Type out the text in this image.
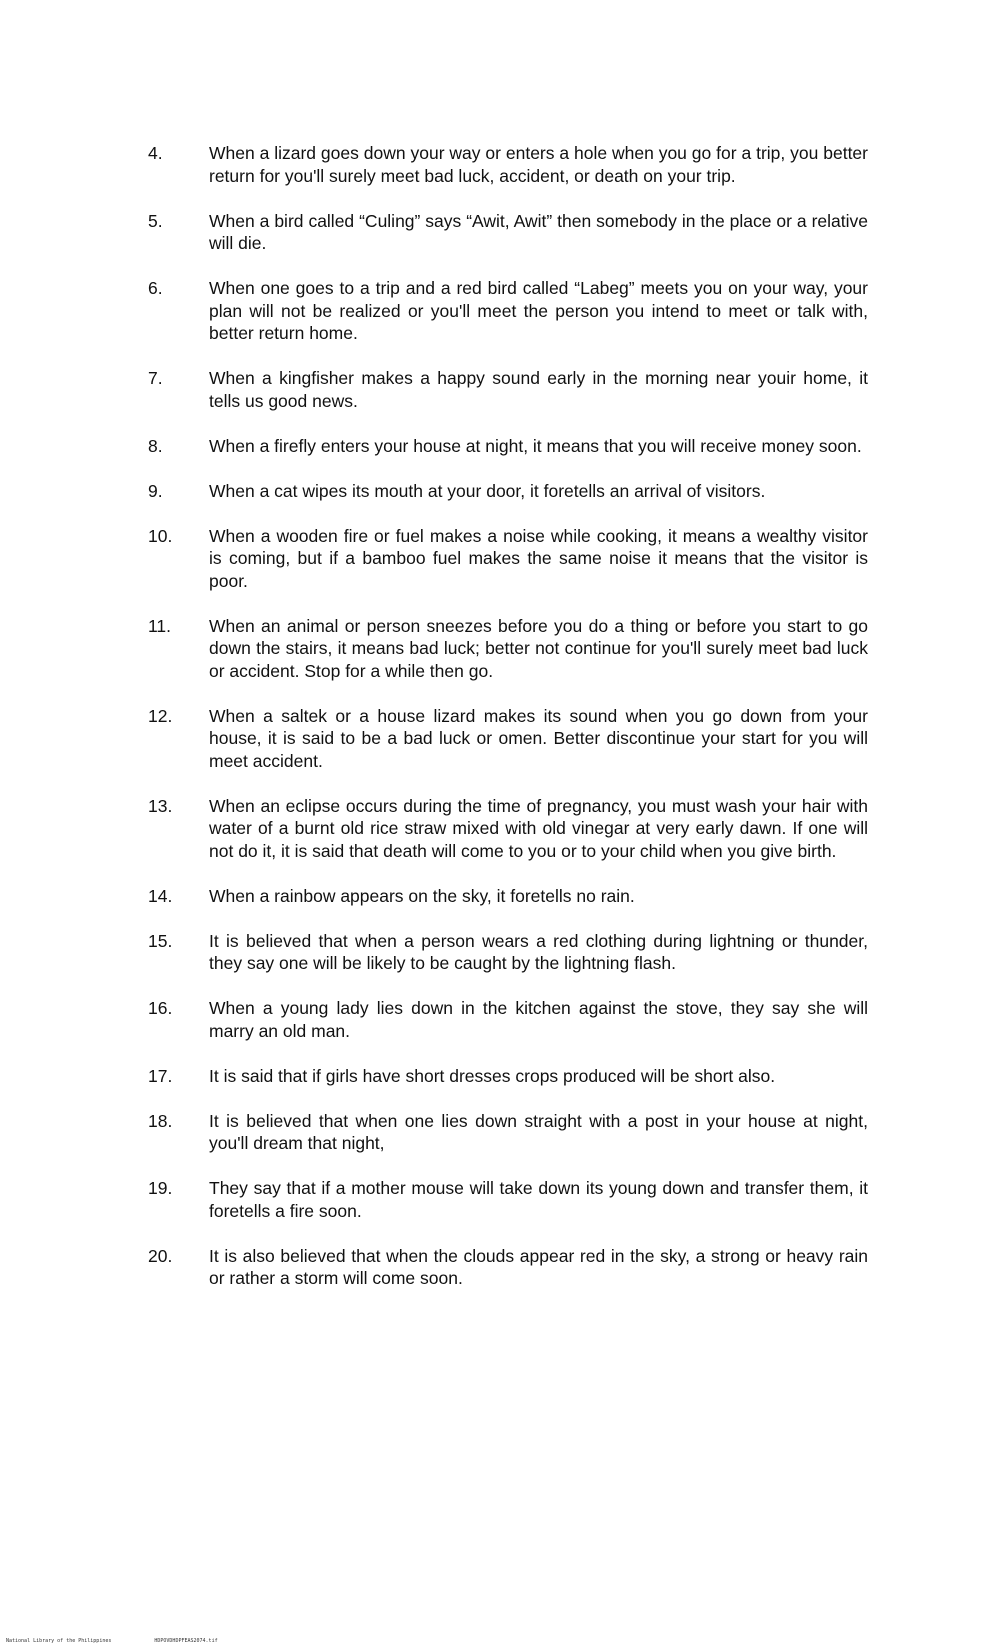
4.	When a lizard goes down your way or enters a hole when you go for a trip, you better return for you'll surely meet bad luck, accident, or death on your trip.
5.	When a bird called “Culing” says “Awit, Awit” then somebody in the place or a relative will die.
6.	When one goes to a trip and a red bird called “Labeg” meets you on your way, your plan will not be realized or you'll meet the person you intend to meet or talk with, better return home.
7.	When a kingfisher makes a happy sound early in the morning near youir home, it tells us good news.
8.	When a firefly enters your house at night, it means that you will receive money soon.
9.	When a cat wipes its mouth at your door, it foretells an arrival of visitors.
10.	When a wooden fire or fuel makes a noise while cooking, it means a wealthy visitor is coming, but if a bamboo fuel makes the same noise it means that the visitor is poor.
11.	When an animal or person sneezes before you do a thing or before you start to go down the stairs, it means bad luck; better not continue for you'll surely meet bad luck or accident. Stop for a while then go.
12.	When a saltek or a house lizard makes its sound when you go down from your house, it is said to be a bad luck or omen. Better discontinue your start for you will meet accident.
13.	When an eclipse occurs during the time of pregnancy, you must wash your hair with water of a burnt old rice straw mixed with old vinegar at very early dawn. If one will not do it, it is said that death will come to you or to your child when you give birth.
14.	When a rainbow appears on the sky, it foretells no rain.
15.	It is believed that when a person wears a red clothing during lightning or thunder, they say one will be likely to be caught by the lightning flash.
16.	When a young lady lies down in the kitchen against the stove, they say she will marry an old man.
17.	It is said that if girls have short dresses crops produced will be short also.
18.	It is believed that when one lies down straight with a post in your house at night, you'll dream that night,
19.	They say that if a mother mouse will take down its young down and transfer them, it foretells a fire soon.
20.	It is also believed that when the clouds appear red in the sky, a strong or heavy rain or rather a storm will come soon.
National Library of the Philippines	HDPOVDHDPFEAS2074.tif
